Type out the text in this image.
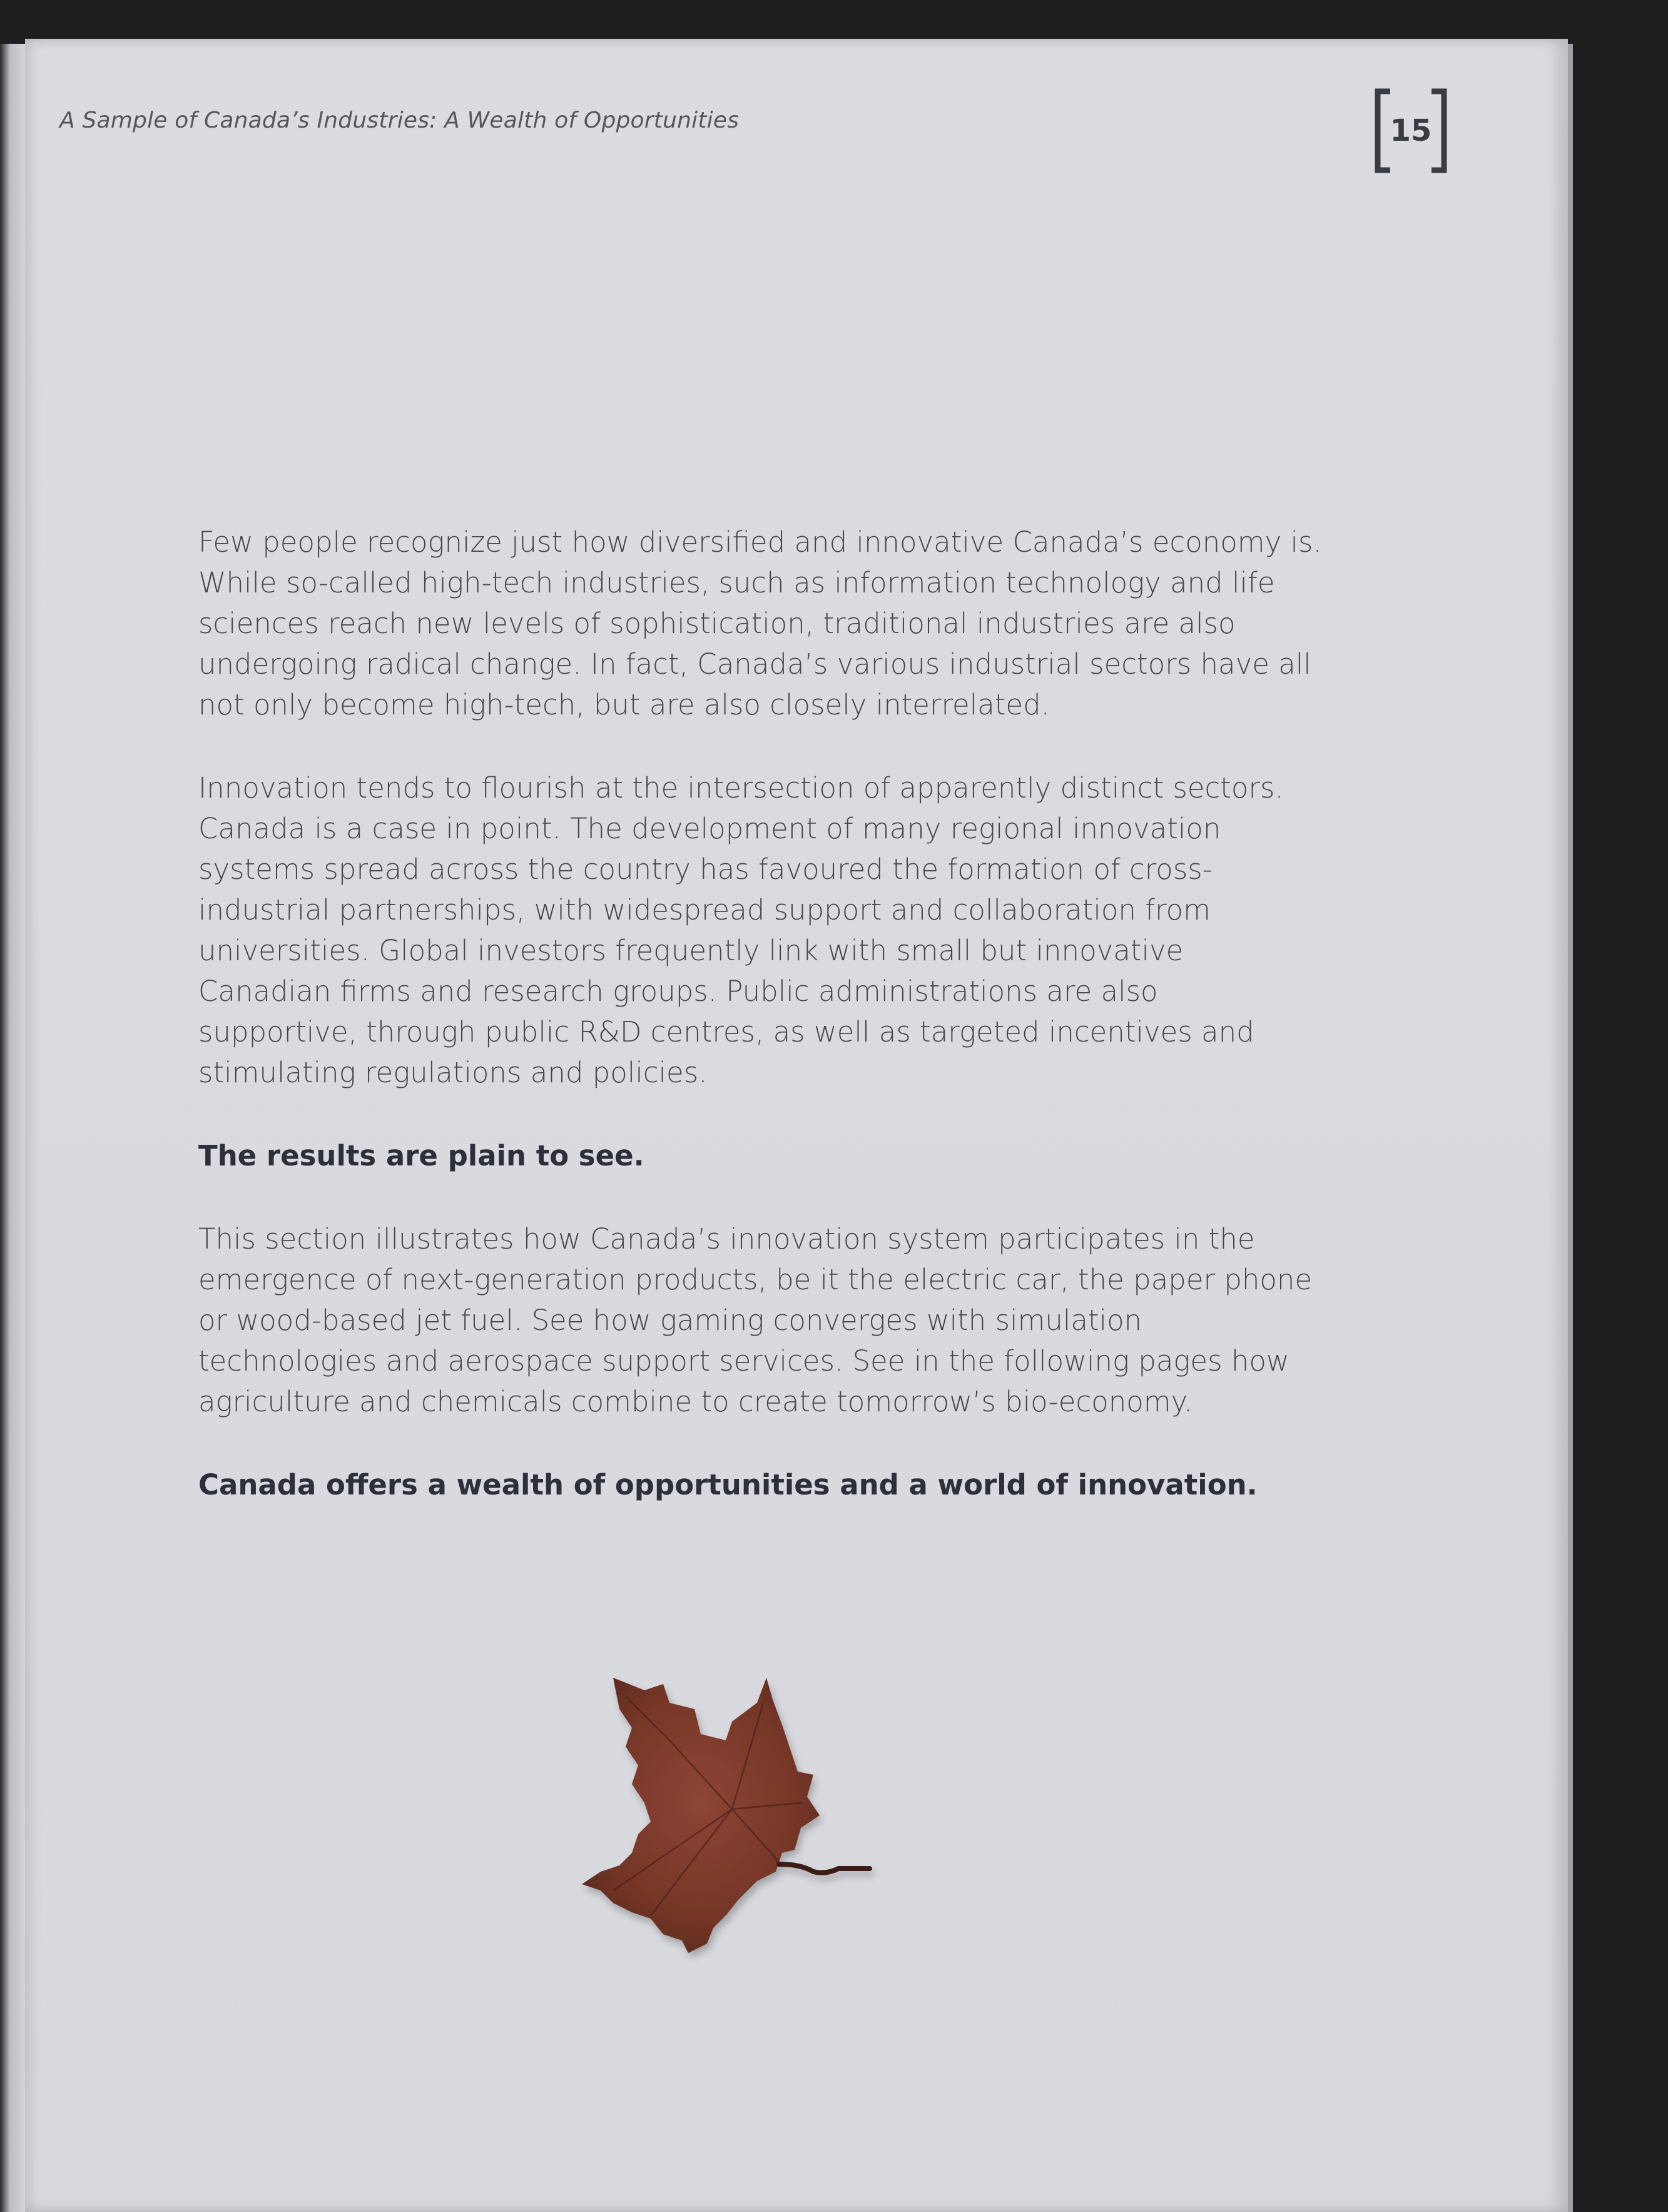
A Sample of Canada’s Industries: A Wealth of Opportunities	15

Few people recognize just how diversified and innovative Canada’s economy is. While so-called high-tech industries, such as information technology and life sciences reach new levels of sophistication, traditional industries are also undergoing radical change. In fact, Canada’s various industrial sectors have all not only become high-tech, but are also closely interrelated.

Innovation tends to flourish at the intersection of apparently distinct sectors. Canada is a case in point. The development of many regional innovation systems spread across the country has favoured the formation of cross-industrial partnerships, with widespread support and collaboration from universities. Global investors frequently link with small but innovative Canadian firms and research groups. Public administrations are also supportive, through public R&D centres, as well as targeted incentives and stimulating regulations and policies.

The results are plain to see.

This section illustrates how Canada’s innovation system participates in the emergence of next-generation products, be it the electric car, the paper phone or wood-based jet fuel. See how gaming converges with simulation technologies and aerospace support services. See in the following pages how agriculture and chemicals combine to create tomorrow’s bio-economy.

Canada offers a wealth of opportunities and a world of innovation.
